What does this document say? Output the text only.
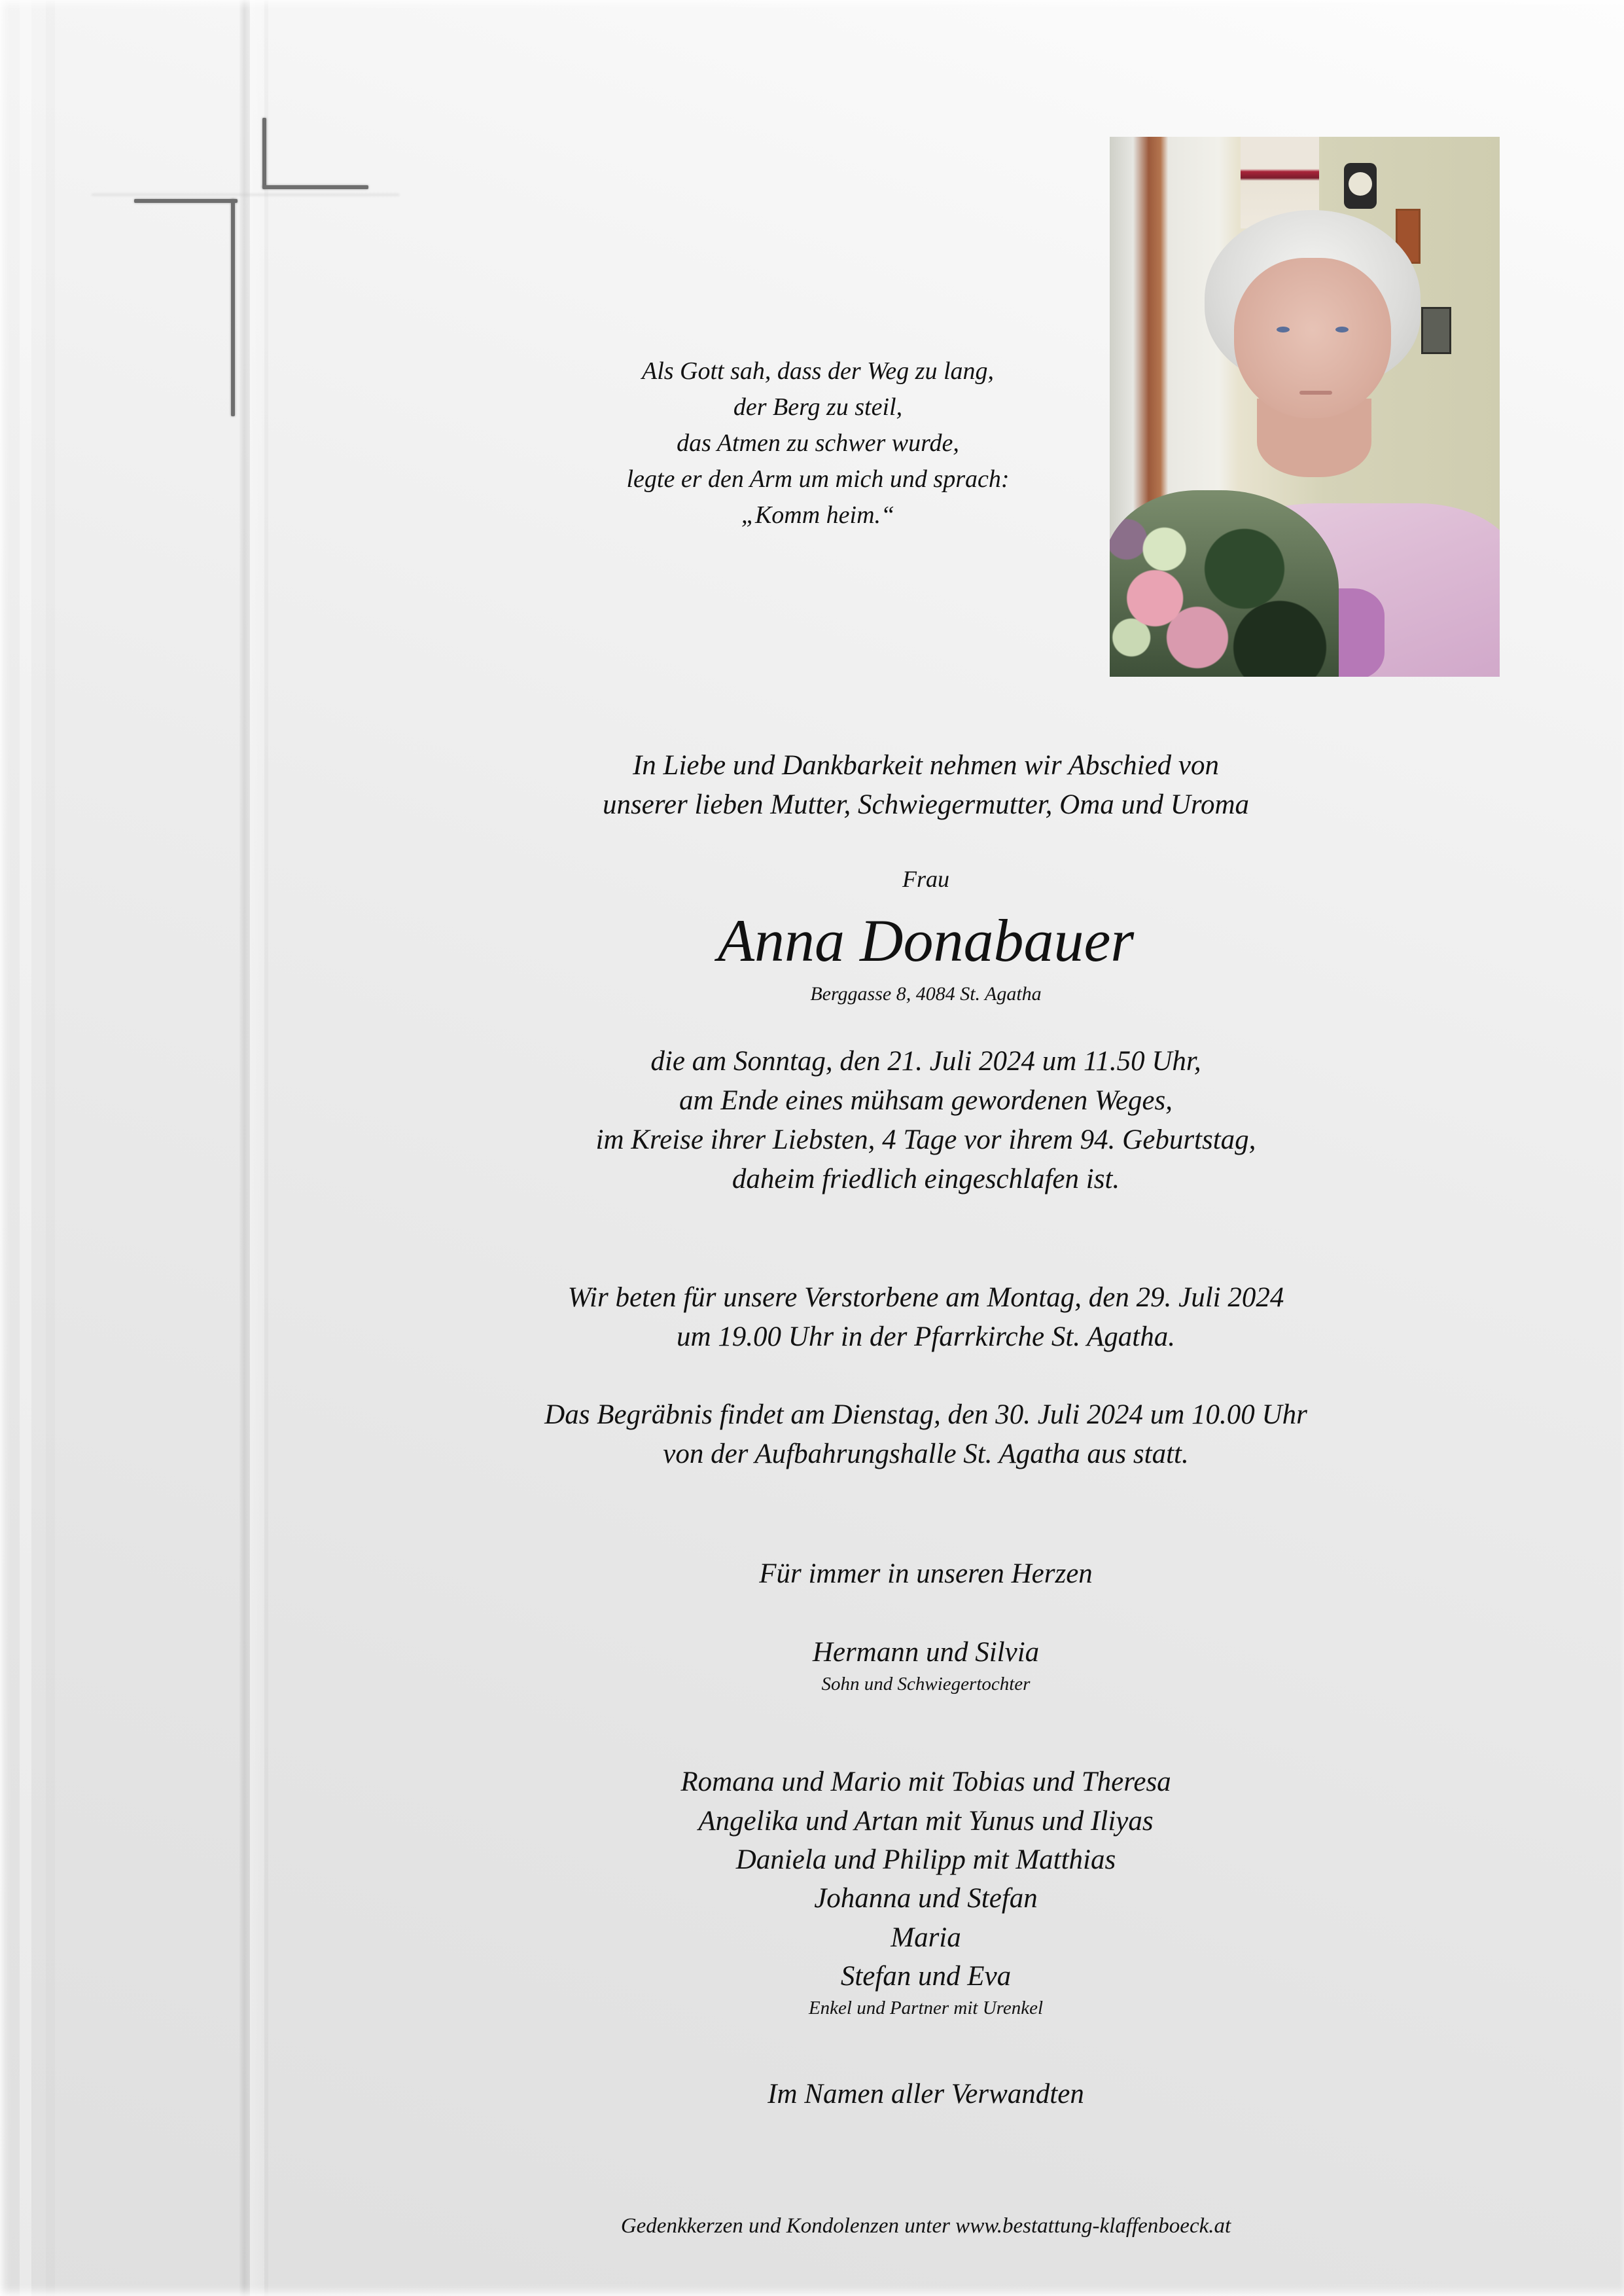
Als Gott sah, dass der Weg zu lang,
der Berg zu steil,
das Atmen zu schwer wurde,
legte er den Arm um mich und sprach:
„Komm heim.“
In Liebe und Dankbarkeit nehmen wir Abschied von
unserer lieben Mutter, Schwiegermutter, Oma und Uroma
Frau
Anna Donabauer
Berggasse 8, 4084 St. Agatha
die am Sonntag, den 21. Juli 2024 um 11.50 Uhr,
am Ende eines mühsam gewordenen Weges,
im Kreise ihrer Liebsten, 4 Tage vor ihrem 94. Geburtstag,
daheim friedlich eingeschlafen ist.
Wir beten für unsere Verstorbene am Montag, den 29. Juli 2024
um 19.00 Uhr in der Pfarrkirche St. Agatha.
Das Begräbnis findet am Dienstag, den 30. Juli 2024 um 10.00 Uhr
von der Aufbahrungshalle St. Agatha aus statt.
Für immer in unseren Herzen
Hermann und Silvia
Sohn und Schwiegertochter
Romana und Mario mit Tobias und Theresa
Angelika und Artan mit Yunus und Iliyas
Daniela und Philipp mit Matthias
Johanna und Stefan
Maria
Stefan und Eva
Enkel und Partner mit Urenkel
Im Namen aller Verwandten
Gedenkkerzen und Kondolenzen unter www.bestattung-klaffenboeck.at
